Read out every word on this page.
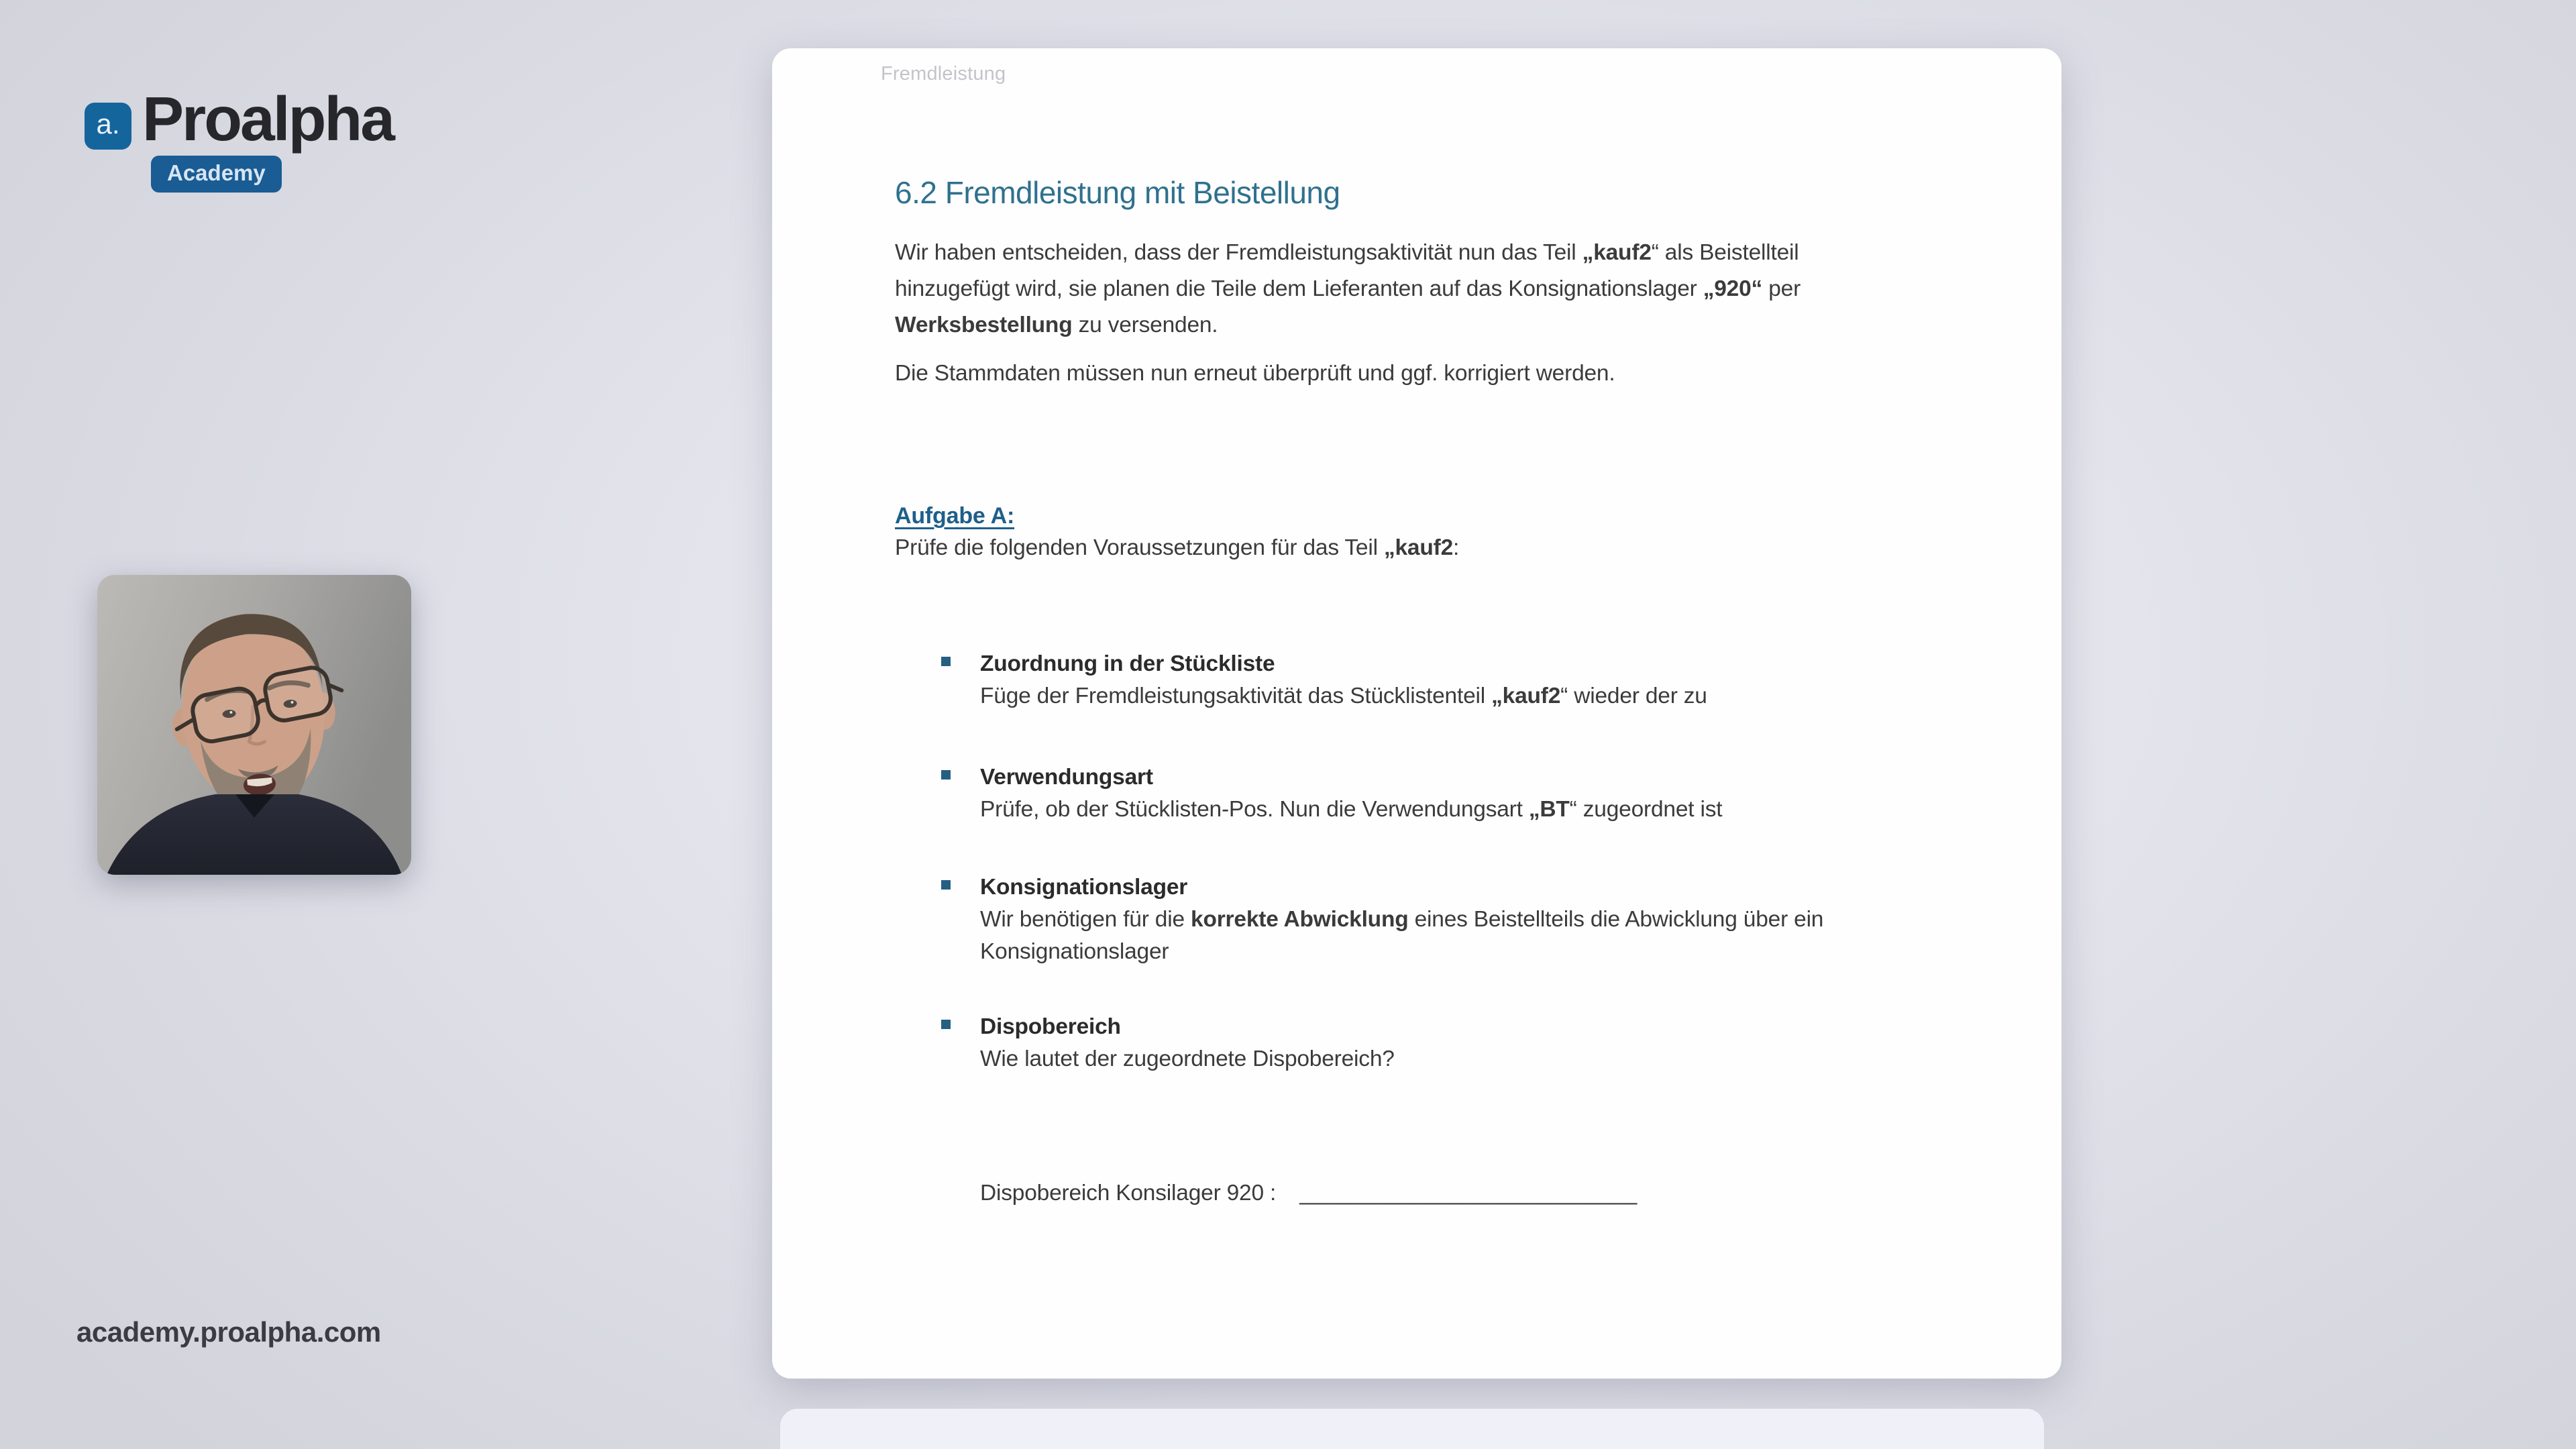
a. Proalpha
Academy
academy.proalpha.com
Fremdleistung
6.2 Fremdleistung mit Beistellung
Wir haben entscheiden, dass der Fremdleistungsaktivität nun das Teil „kauf2“ als Beistellteil hinzugefügt wird, sie planen die Teile dem Lieferanten auf das Konsignationslager „920“ per Werksbestellung zu versenden.
Die Stammdaten müssen nun erneut überprüft und ggf. korrigiert werden.
Aufgabe A:
Prüfe die folgenden Voraussetzungen für das Teil „kauf2:
Zuordnung in der Stückliste
Füge der Fremdleistungsaktivität das Stücklistenteil „kauf2“ wieder der zu
Verwendungsart
Prüfe, ob der Stücklisten-Pos. Nun die Verwendungsart „BT“ zugeordnet ist
Konsignationslager
Wir benötigen für die korrekte Abwicklung eines Beistellteils die Abwicklung über ein Konsignationslager
Dispobereich
Wie lautet der zugeordnete Dispobereich?
Dispobereich Konsilager 920 : ___________________________
